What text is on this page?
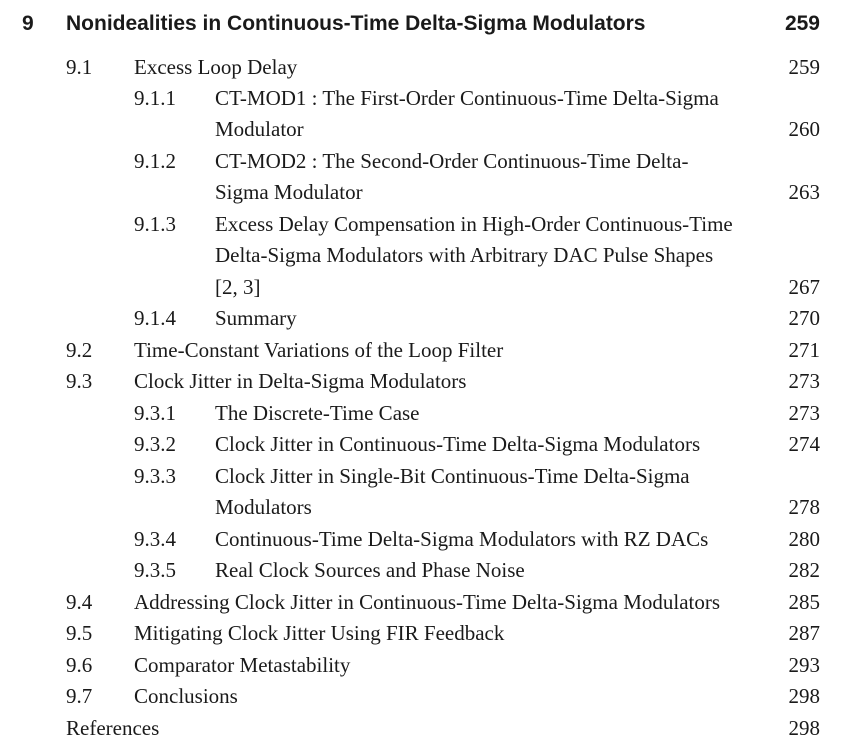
9 Nonidealities in Continuous-Time Delta-Sigma Modulators	259
9.1 Excess Loop Delay	259
9.1.1 CT-MOD1 : The First-Order Continuous-Time Delta-Sigma
Modulator	260
9.1.2 CT-MOD2 : The Second-Order Continuous-Time Delta-
Sigma Modulator	263
9.1.3 Excess Delay Compensation in High-Order Continuous-Time
Delta-Sigma Modulators with Arbitrary DAC Pulse Shapes
[2, 3]	267
9.1.4 Summary	270
9.2 Time-Constant Variations of the Loop Filter	271
9.3 Clock Jitter in Delta-Sigma Modulators	273
9.3.1 The Discrete-Time Case	273
9.3.2 Clock Jitter in Continuous-Time Delta-Sigma Modulators	274
9.3.3 Clock Jitter in Single-Bit Continuous-Time Delta-Sigma
Modulators	278
9.3.4 Continuous-Time Delta-Sigma Modulators with RZ DACs	280
9.3.5 Real Clock Sources and Phase Noise	282
9.4 Addressing Clock Jitter in Continuous-Time Delta-Sigma Modulators	285
9.5 Mitigating Clock Jitter Using FIR Feedback	287
9.6 Comparator Metastability	293
9.7 Conclusions	298
References	298
